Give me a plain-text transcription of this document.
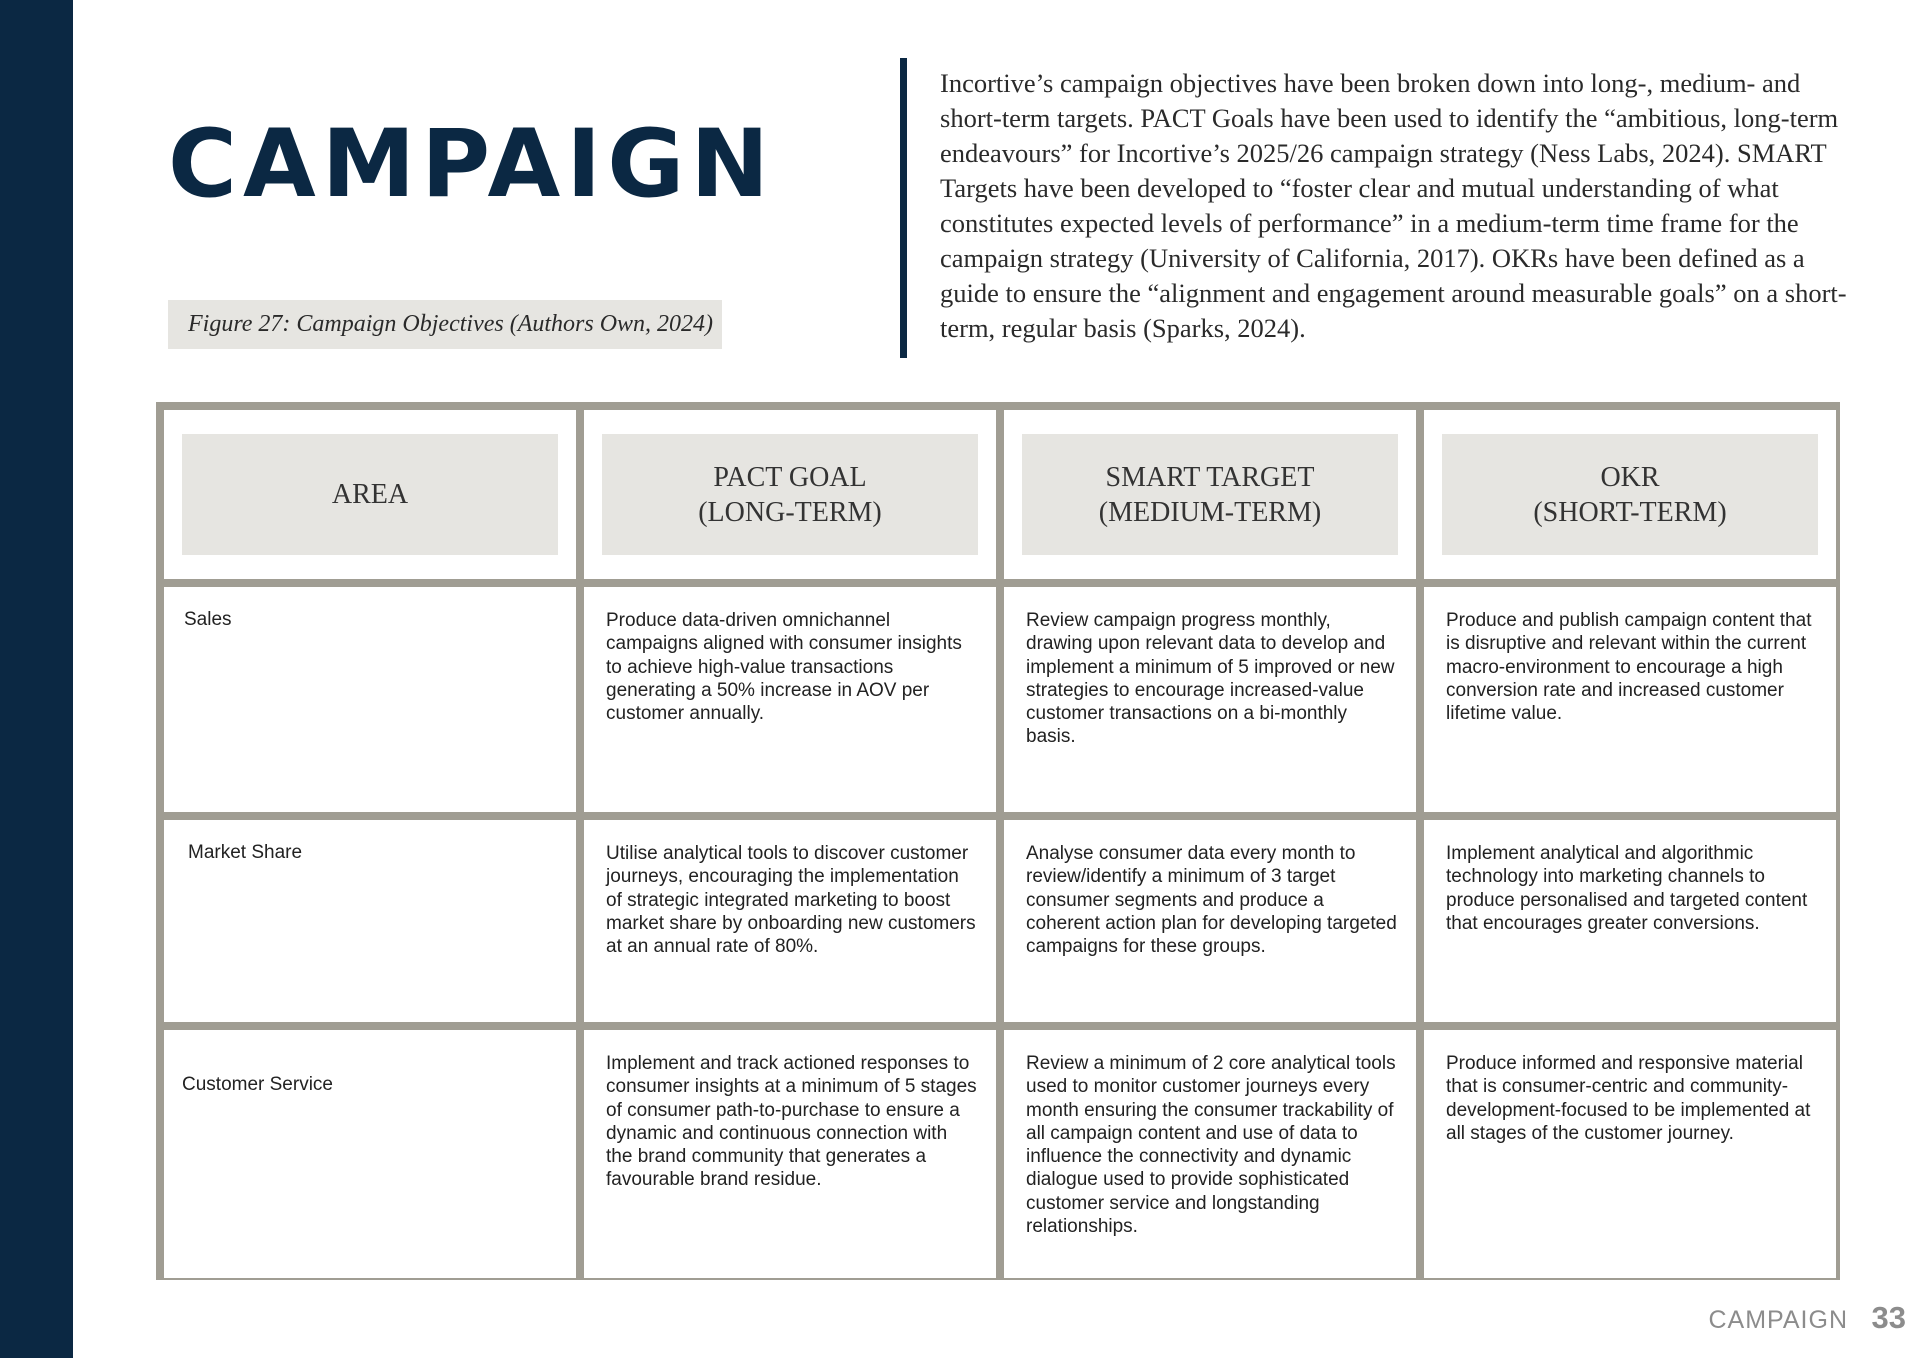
CAMPAIGN
Figure 27: Campaign Objectives (Authors Own, 2024)

Incortive’s campaign objectives have been broken down into long-, medium- and short-term targets. PACT Goals have been used to identify the “ambitious, long-term endeavours” for Incortive’s 2025/26 campaign strategy (Ness Labs, 2024). SMART Targets have been developed to “foster clear and mutual understanding of what constitutes expected levels of performance” in a medium-term time frame for the campaign strategy (University of California, 2017). OKRs have been defined as a guide to ensure the “alignment and engagement around measurable goals” on a short-term, regular basis (Sparks, 2024).

AREA
PACT GOAL
(LONG-TERM)
SMART TARGET
(MEDIUM-TERM)
OKR
(SHORT-TERM)
Sales	Produce data-driven omnichannel campaigns aligned with consumer insights to achieve high-value transactions generating a 50% increase in AOV per customer annually.
Review campaign progress monthly, drawing upon relevant data to develop and implement a minimum of 5 improved or new strategies to encourage increased-value customer transactions on a bi-monthly basis.
Produce and publish campaign content that is disruptive and relevant within the current macro-environment to encourage a high conversion rate and increased customer lifetime value.
Market Share	Utilise analytical tools to discover customer journeys, encouraging the implementation of strategic integrated marketing to boost market share by onboarding new customers at an annual rate of 80%.
Analyse consumer data every month to review/identify a minimum of 3 target consumer segments and produce a coherent action plan for developing targeted campaigns for these groups.
Implement analytical and algorithmic technology into marketing channels to produce personalised and targeted content that encourages greater conversions.
Customer Service
Implement and track actioned responses to consumer insights at a minimum of 5 stages of consumer path-to-purchase to ensure a dynamic and continuous connection with the brand community that generates a favourable brand residue.
Review a minimum of 2 core analytical tools used to monitor customer journeys every month ensuring the consumer trackability of all campaign content and use of data to influence the connectivity and dynamic dialogue used to provide sophisticated customer service and longstanding relationships.
Produce informed and responsive material that is consumer-centric and community-development-focused to be implemented at all stages of the customer journey.
CAMPAIGN 33
